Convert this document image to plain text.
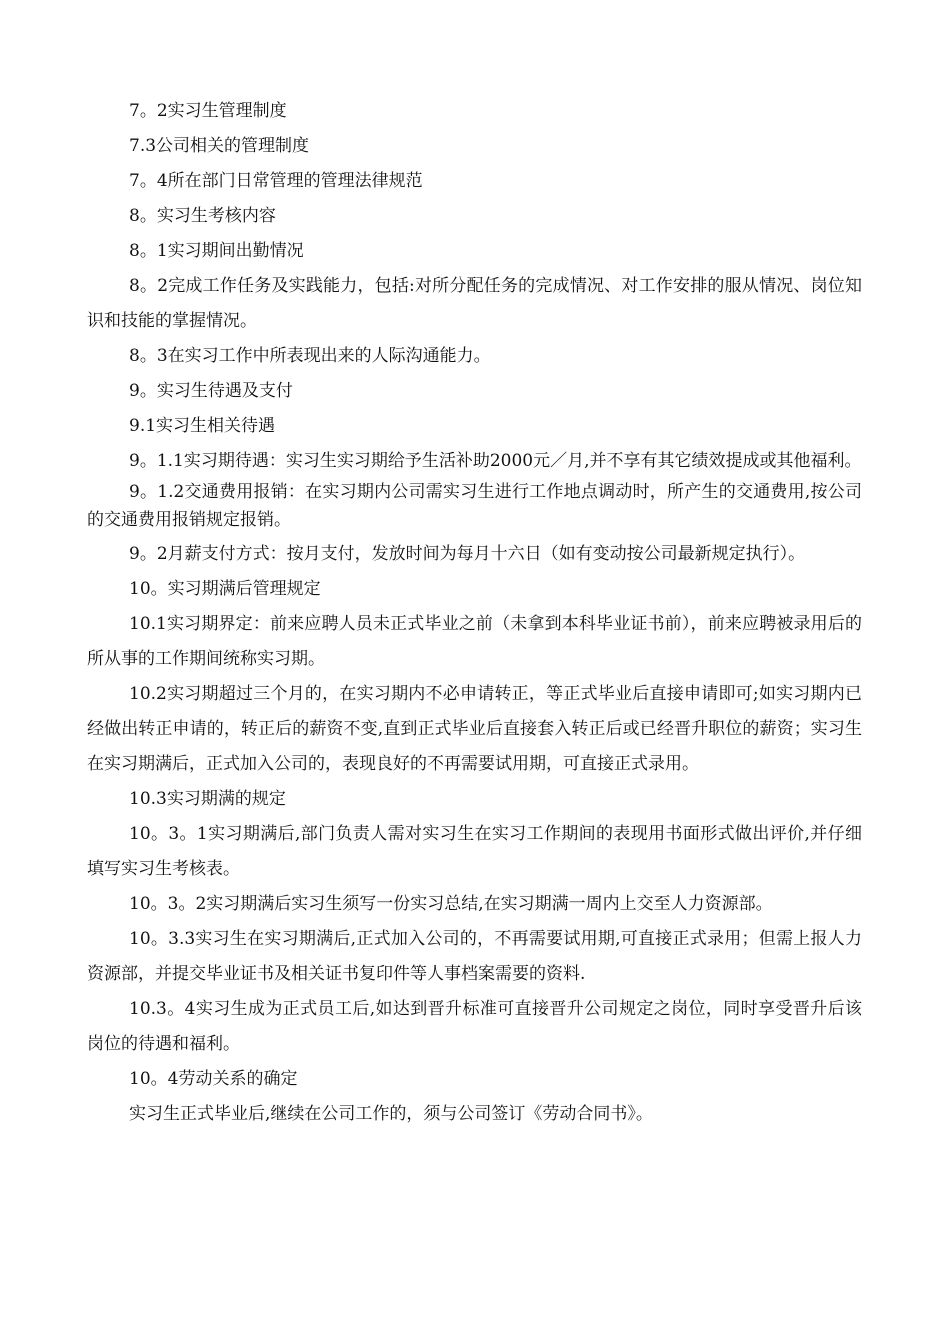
7。2实习生管理制度

7.3公司相关的管理制度

7。4所在部门日常管理的管理法律规范

8。实习生考核内容

8。1实习期间出勤情况

8。2完成工作任务及实践能力，包括:对所分配任务的完成情况、对工作安排的服从情况、岗位知识和技能的掌握情况。

8。3在实习工作中所表现出来的人际沟通能力。

9。实习生待遇及支付

9.1实习生相关待遇

9。1.1实习期待遇：实习生实习期给予生活补助2000元／月,并不享有其它绩效提成或其他福利。

9。1.2交通费用报销：在实习期内公司需实习生进行工作地点调动时，所产生的交通费用,按公司的交通费用报销规定报销。

9。2月薪支付方式：按月支付，发放时间为每月十六日（如有变动按公司最新规定执行）。

10。实习期满后管理规定

10.1实习期界定：前来应聘人员未正式毕业之前（未拿到本科毕业证书前），前来应聘被录用后的所从事的工作期间统称实习期。

10.2实习期超过三个月的，在实习期内不必申请转正，等正式毕业后直接申请即可;如实习期内已经做出转正申请的，转正后的薪资不变,直到正式毕业后直接套入转正后或已经晋升职位的薪资；实习生在实习期满后，正式加入公司的，表现良好的不再需要试用期，可直接正式录用。

10.3实习期满的规定

10。3。1实习期满后,部门负责人需对实习生在实习工作期间的表现用书面形式做出评价,并仔细填写实习生考核表。

10。3。2实习期满后实习生须写一份实习总结,在实习期满一周内上交至人力资源部。

10。3.3实习生在实习期满后,正式加入公司的，不再需要试用期,可直接正式录用；但需上报人力资源部，并提交毕业证书及相关证书复印件等人事档案需要的资料.

10.3。4实习生成为正式员工后,如达到晋升标准可直接晋升公司规定之岗位，同时享受晋升后该岗位的待遇和福利。

10。4劳动关系的确定

实习生正式毕业后,继续在公司工作的，须与公司签订《劳动合同书》。
